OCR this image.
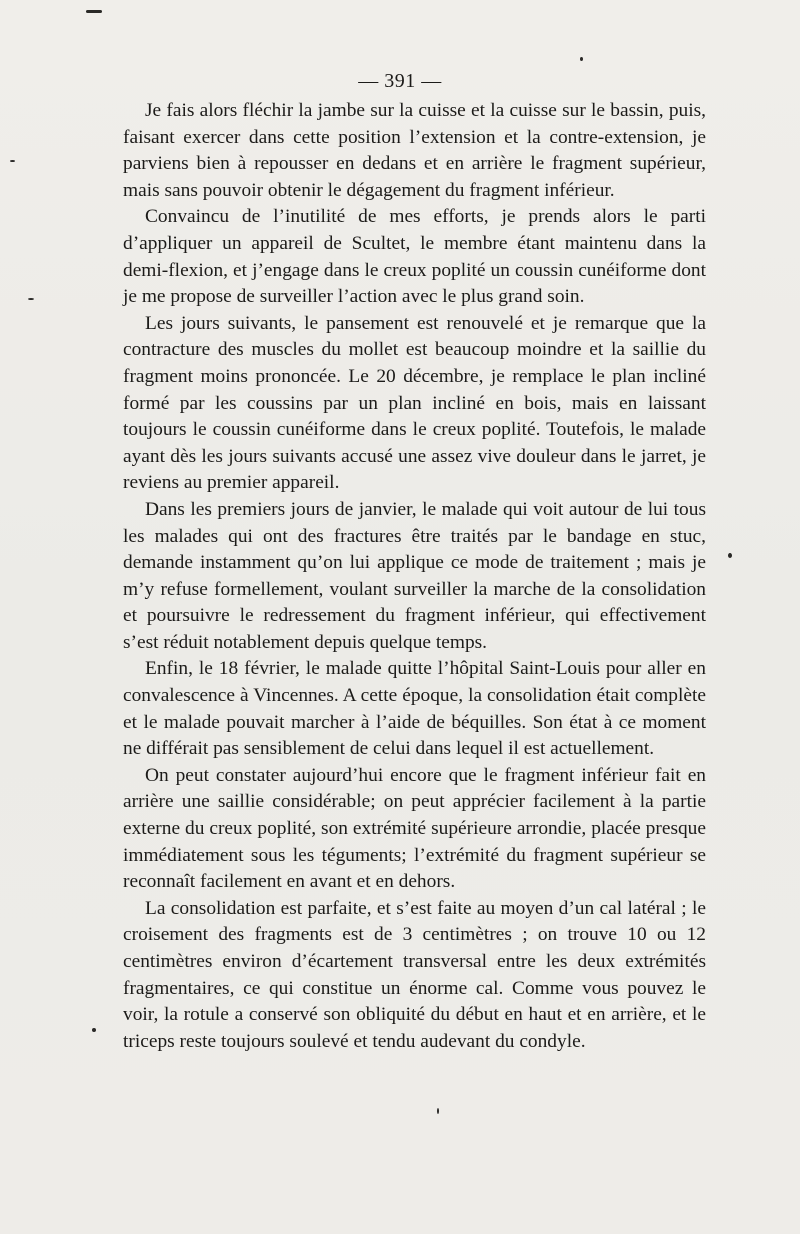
— 391 —

Je fais alors fléchir la jambe sur la cuisse et la cuisse sur le bassin, puis, faisant exercer dans cette position l’extension et la contre-extension, je parviens bien à repousser en dedans et en arrière le fragment supérieur, mais sans pouvoir obtenir le dégagement du fragment inférieur.

Convaincu de l’inutilité de mes efforts, je prends alors le parti d’appliquer un appareil de Scultet, le membre étant maintenu dans la demi-flexion, et j’engage dans le creux poplité un coussin cunéiforme dont je me propose de surveiller l’action avec le plus grand soin.

Les jours suivants, le pansement est renouvelé et je remarque que la contracture des muscles du mollet est beaucoup moindre et la saillie du fragment moins prononcée. Le 20 décembre, je remplace le plan incliné formé par les coussins par un plan incliné en bois, mais en laissant toujours le coussin cunéiforme dans le creux poplité. Toutefois, le malade ayant dès les jours suivants accusé une assez vive douleur dans le jarret, je reviens au premier appareil.

Dans les premiers jours de janvier, le malade qui voit autour de lui tous les malades qui ont des fractures être traités par le bandage en stuc, demande instamment qu’on lui applique ce mode de traitement ; mais je m’y refuse formellement, voulant surveiller la marche de la consolidation et poursuivre le redressement du fragment inférieur, qui effectivement s’est réduit notablement depuis quelque temps.

Enfin, le 18 février, le malade quitte l’hôpital Saint-Louis pour aller en convalescence à Vincennes. A cette époque, la consolidation était complète et le malade pouvait marcher à l’aide de béquilles. Son état à ce moment ne différait pas sensiblement de celui dans lequel il est actuellement.

On peut constater aujourd’hui encore que le fragment inférieur fait en arrière une saillie considérable; on peut apprécier facilement à la partie externe du creux poplité, son extrémité supérieure arrondie, placée presque immédiatement sous les téguments; l’extrémité du fragment supérieur se reconnaît facilement en avant et en dehors.

La consolidation est parfaite, et s’est faite au moyen d’un cal latéral ; le croisement des fragments est de 3 centimètres ; on trouve 10 ou 12 centimètres environ d’écartement transversal entre les deux extrémités fragmentaires, ce qui constitue un énorme cal. Comme vous pouvez le voir, la rotule a conservé son obliquité du début en haut et en arrière, et le triceps reste toujours soulevé et tendu audevant du condyle.
